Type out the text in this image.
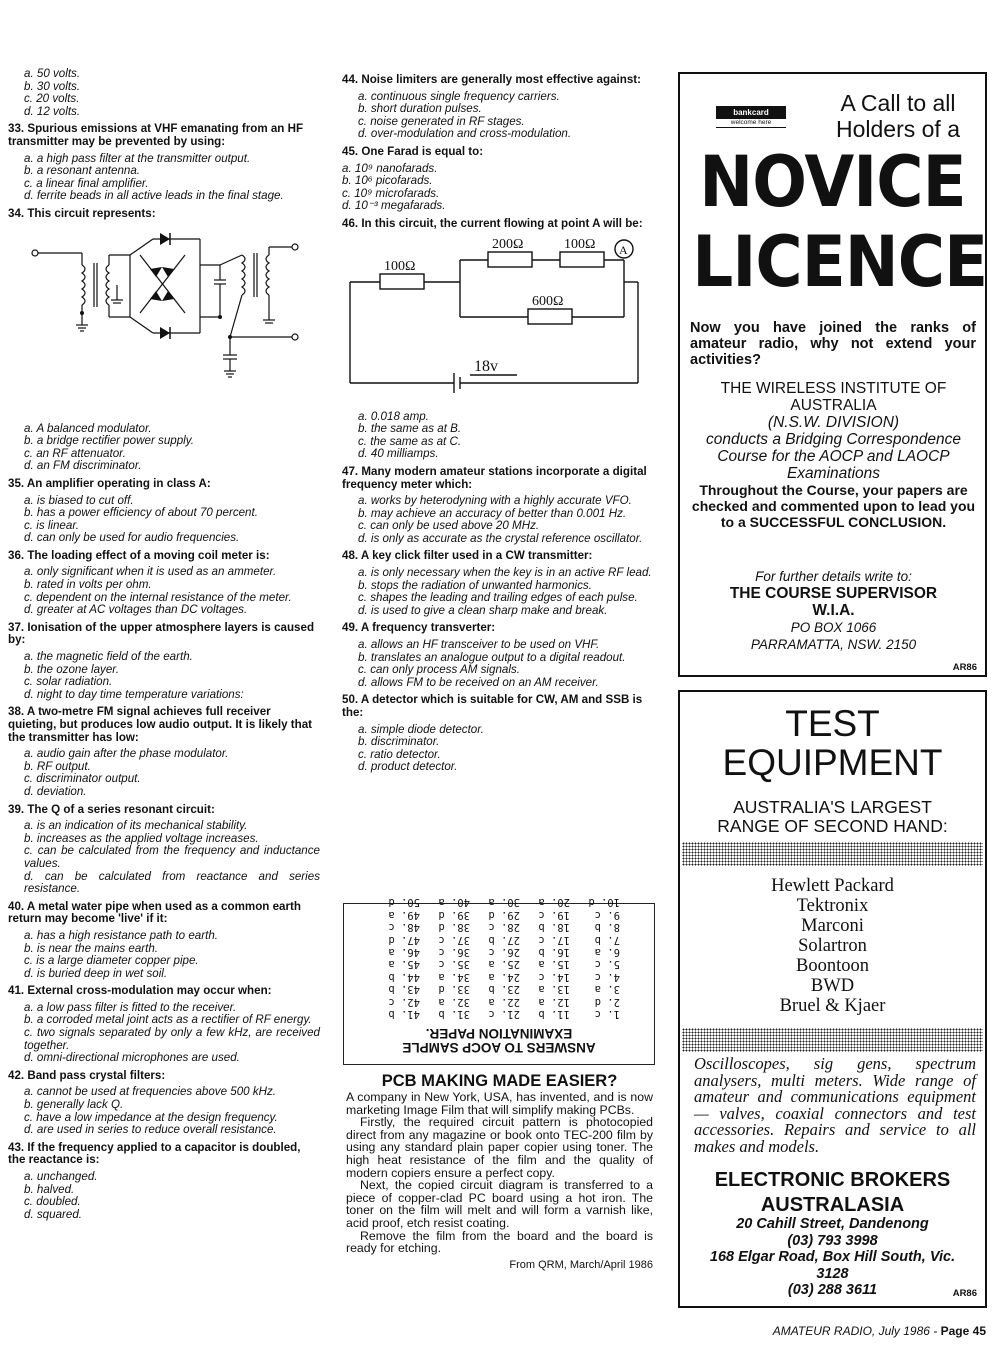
a. 50 volts.
b. 30 volts.
c. 20 volts.
d. 12 volts.
33. Spurious emissions at VHF emanating from an HF transmitter may be prevented by using:
a. a high pass filter at the transmitter output.
b. a resonant antenna.
c. a linear final amplifier.
d. ferrite beads in all active leads in the final stage.
34. This circuit represents:
a. A balanced modulator.
b. a bridge rectifier power supply.
c. an RF attenuator.
d. an FM discriminator.
35. An amplifier operating in class A:
a. is biased to cut off.
b. has a power efficiency of about 70 percent.
c. is linear.
d. can only be used for audio frequencies.
36. The loading effect of a moving coil meter is:
a. only significant when it is used as an ammeter.
b. rated in volts per ohm.
c. dependent on the internal resistance of the meter.
d. greater at AC voltages than DC voltages.
37. Ionisation of the upper atmosphere layers is caused by:
a. the magnetic field of the earth.
b. the ozone layer.
c. solar radiation.
d. night to day time temperature variations:
38. A two-metre FM signal achieves full receiver quieting, but produces low audio output. It is likely that the transmitter has low:
a. audio gain after the phase modulator.
b. RF output.
c. discriminator output.
d. deviation.
39. The Q of a series resonant circuit:
a. is an indication of its mechanical stability.
b. increases as the applied voltage increases.
c. can be calculated from the frequency and inductance values.
d. can be calculated from reactance and series resistance.
40. A metal water pipe when used as a common earth return may become 'live' if it:
a. has a high resistance path to earth.
b. is near the mains earth.
c. is a large diameter copper pipe.
d. is buried deep in wet soil.
41. External cross-modulation may occur when:
a. a low pass filter is fitted to the receiver.
b. a corroded metal joint acts as a rectifier of RF energy.
c. two signals separated by only a few kHz, are received together.
d. omni-directional microphones are used.
42. Band pass crystal filters:
a. cannot be used at frequencies above 500 kHz.
b. generally lack Q.
c. have a low impedance at the design frequency.
d. are used in series to reduce overall resistance.
43. If the frequency applied to a capacitor is doubled, the reactance is:
a. unchanged.
b. halved.
c. doubled.
d. squared.
44. Noise limiters are generally most effective against:
a. continuous single frequency carriers.
b. short duration pulses.
c. noise generated in RF stages.
d. over-modulation and cross-modulation.
45. One Farad is equal to:
a. 10⁹ nanofarads.
b. 10⁶ picofarads.
c. 10⁹ microfarads.
d. 10⁻³ megafarads.
46. In this circuit, the current flowing at point A will be:
100Ω
200Ω	100Ω
600Ω
A
18v
a. 0.018 amp.
b. the same as at B.
c. the same as at C.
d. 40 milliamps.
47. Many modern amateur stations incorporate a digital frequency meter which:
a. works by heterodyning with a highly accurate VFO.
b. may achieve an accuracy of better than 0.001 Hz.
c. can only be used above 20 MHz.
d. is only as accurate as the crystal reference oscillator.
48. A key click filter used in a CW transmitter:
a. is only necessary when the key is in an active RF lead.
b. stops the radiation of unwanted harmonics.
c. shapes the leading and trailing edges of each pulse.
d. is used to give a clean sharp make and break.
49. A frequency transverter:
a. allows an HF transceiver to be used on VHF.
b. translates an analogue output to a digital readout.
c. can only process AM signals.
d. allows FM to be received on an AM receiver.
50. A detector which is suitable for CW, AM and SSB is the:
a. simple diode detector.
b. discriminator.
c. ratio detector.
d. product detector.
ANSWERS TO AOCP SAMPLE
EXAMINATION PAPER.
1. c
11. b
21. c
31. b
41. b
2. d
12. a
22. a
32. a
42. c
3. a
13. a
23. b
33. d
43. b
4. c
14. c
24. a
34. a
44. b
5. c
15. a
25. a
35. c
45. a
6. a
16. b
26. c
36. c
46. a
7. b
17. c
27. b
37. c
47. d
8. b
18. b
28. c
38. d
48. c
9. c
19. c
29. d
39. d
49. a
10. d
20. a
30. a
40. a
50. d
PCB MAKING MADE EASIER?

A company in New York, USA, has invented, and is now marketing Image Film that will simplify making PCBs.

Firstly, the required circuit pattern is photocopied direct from any magazine or book onto TEC-200 film by using any standard plain paper copier using toner. The high heat resistance of the film and the quality of modern copiers ensure a perfect copy.

Next, the copied circuit diagram is transferred to a piece of copper-clad PC board using a hot iron. The toner on the film will melt and will form a varnish like, acid proof, etch resist coating.

Remove the film from the board and the board is ready for etching.

From QRM, March/April 1986
bankcard
welcome here
A Call to all
Holders of a
NOVICE
LICENCE
Now you have joined the ranks of amateur radio, why not extend your activities?
THE WIRELESS INSTITUTE OF
AUSTRALIA
(N.S.W. DIVISION)
conducts a Bridging Correspondence
Course for the AOCP and LAOCP
Examinations
Throughout the Course, your papers are checked and commented upon to lead you to a SUCCESSFUL CONCLUSION.
For further details write to:
THE COURSE SUPERVISOR
W.I.A.
PO BOX 1066
PARRAMATTA, NSW. 2150
AR86
TEST
EQUIPMENT
AUSTRALIA'S LARGEST
RANGE OF SECOND HAND:
Hewlett Packard
Tektronix
Marconi
Solartron
Boontoon
BWD
Bruel & Kjaer
Oscilloscopes, sig gens, spectrum analysers, multi meters. Wide range of amateur and communications equipment — valves, coaxial connectors and test accessories. Repairs and service to all makes and models.
ELECTRONIC BROKERS
AUSTRALASIA
20 Cahill Street, Dandenong
(03) 793 3998
168 Elgar Road, Box Hill South, Vic.
3128
(03) 288 3611	AR86
AMATEUR RADIO, July 1986 - Page 45
